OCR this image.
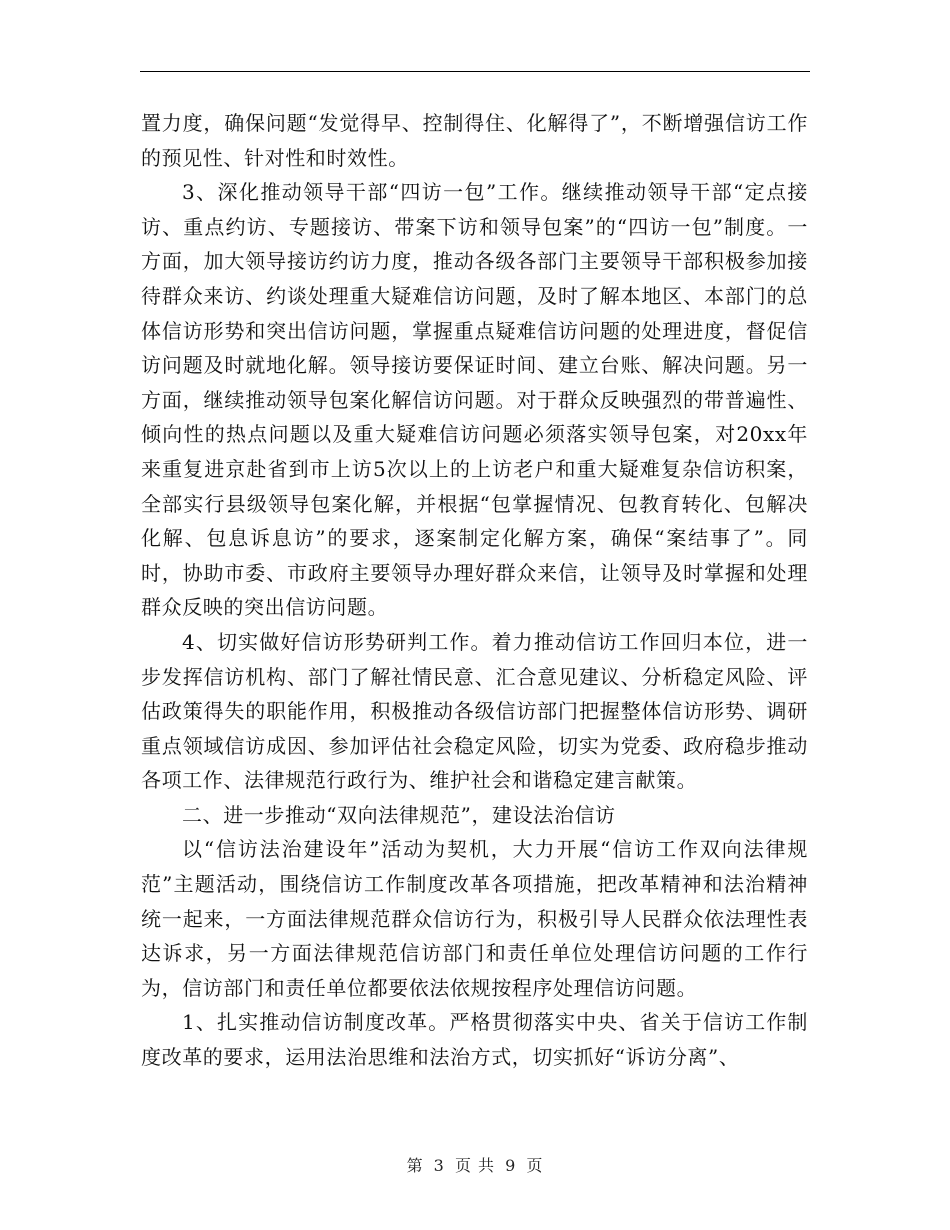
置力度，确保问题“发觉得早、控制得住、化解得了”，不断增强信访工作的预见性、针对性和时效性。

3、深化推动领导干部“四访一包”工作。继续推动领导干部“定点接访、重点约访、专题接访、带案下访和领导包案”的“四访一包”制度。一方面，加大领导接访约访力度，推动各级各部门主要领导干部积极参加接待群众来访、约谈处理重大疑难信访问题，及时了解本地区、本部门的总体信访形势和突出信访问题，掌握重点疑难信访问题的处理进度，督促信访问题及时就地化解。领导接访要保证时间、建立台账、解决问题。另一方面，继续推动领导包案化解信访问题。对于群众反映强烈的带普遍性、倾向性的热点问题以及重大疑难信访问题必须落实领导包案，对20xx年来重复进京赴省到市上访5次以上的上访老户和重大疑难复杂信访积案，全部实行县级领导包案化解，并根据“包掌握情况、包教育转化、包解决化解、包息诉息访”的要求，逐案制定化解方案，确保“案结事了”。同时，协助市委、市政府主要领导办理好群众来信，让领导及时掌握和处理群众反映的突出信访问题。

4、切实做好信访形势研判工作。着力推动信访工作回归本位，进一步发挥信访机构、部门了解社情民意、汇合意见建议、分析稳定风险、评估政策得失的职能作用，积极推动各级信访部门把握整体信访形势、调研重点领域信访成因、参加评估社会稳定风险，切实为党委、政府稳步推动各项工作、法律规范行政行为、维护社会和谐稳定建言献策。

二、进一步推动“双向法律规范”，建设法治信访

以“信访法治建设年”活动为契机，大力开展“信访工作双向法律规范”主题活动，围绕信访工作制度改革各项措施，把改革精神和法治精神统一起来，一方面法律规范群众信访行为，积极引导人民群众依法理性表达诉求，另一方面法律规范信访部门和责任单位处理信访问题的工作行为，信访部门和责任单位都要依法依规按程序处理信访问题。

1、扎实推动信访制度改革。严格贯彻落实中央、省关于信访工作制度改革的要求，运用法治思维和法治方式，切实抓好“诉访分离”、

第 3 页 共 9 页
